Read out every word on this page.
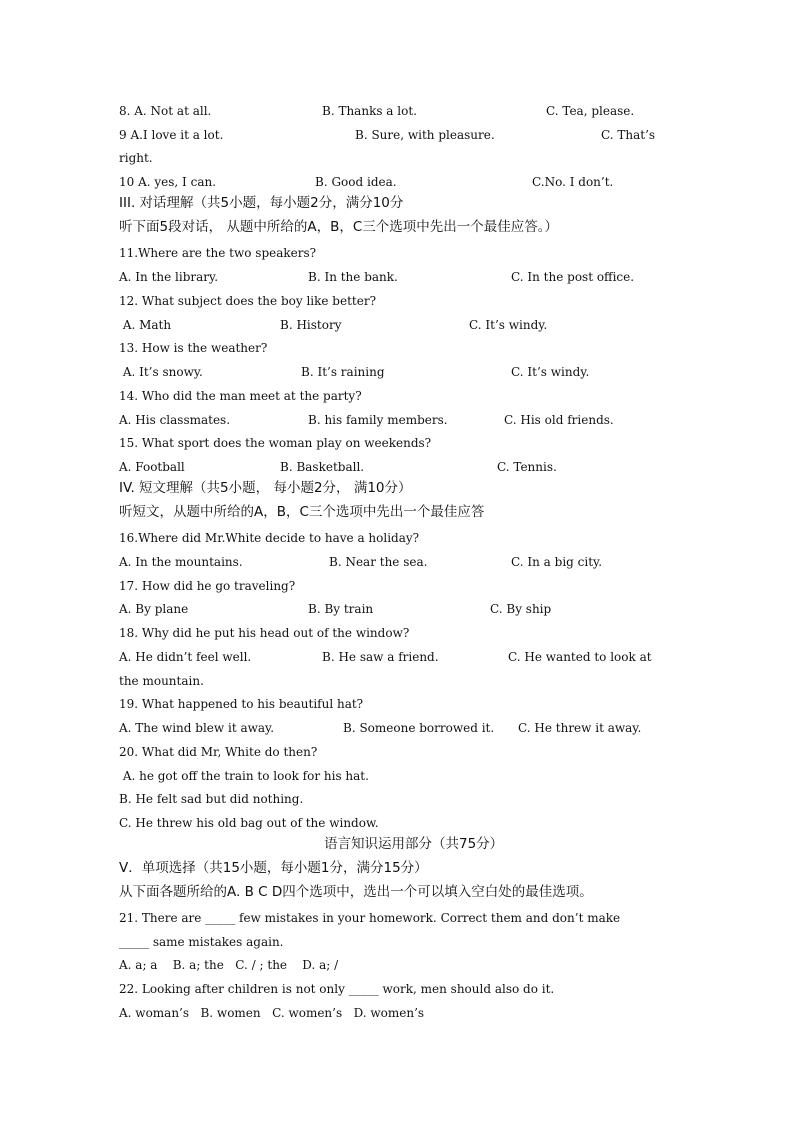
8. A. Not at all.	B. Thanks a lot.	C. Tea, please.
9 A.I love it a lot.	B. Sure, with pleasure.	C. That’s
right.
10 A. yes, I can.	B. Good idea.	C.No. I don’t.
III. 对话理解（共5小题，每小题2分，满分10分
听下面5段对话， 从题中所给的A，B，C三个选项中先出一个最佳应答。）
11.Where are the two speakers?
A. In the library.	B. In the bank.	C. In the post office.
12. What subject does the boy like better?
A. Math	B. History	C. It’s windy.
13. How is the weather?
A. It’s snowy.	B. It’s raining	C. It’s windy.
14. Who did the man meet at the party?
A. His classmates.	B. his family members.	C. His old friends.
15. What sport does the woman play on weekends?
A. Football	B. Basketball.	C. Tennis.
IV. 短文理解（共5小题， 每小题2分， 满10分）
听短文，从题中所给的A，B，C三个选项中先出一个最佳应答
16.Where did Mr.White decide to have a holiday?
A. In the mountains.	B. Near the sea.	C. In a big city.
17. How did he go traveling?
A. By plane	B. By train	C. By ship
18. Why did he put his head out of the window?
A. He didn’t feel well.	B. He saw a friend.	C. He wanted to look at
the mountain.
19. What happened to his beautiful hat?
A. The wind blew it away.	B. Someone borrowed it. C. He threw it away.
20. What did Mr, White do then?
A. he got off the train to look for his hat.
B. He felt sad but did nothing.
C. He threw his old bag out of the window.
语言知识运用部分（共75分）
V．单项选择（共15小题，每小题1分，满分15分）
从下面各题所给的A. B C D四个选项中，选出一个可以填入空白处的最佳选项。
21. There are _____ few mistakes in your homework. Correct them and don’t make
_____ same mistakes again.
A. a; a    B. a; the   C. / ; the    D. a; /
22. Looking after children is not only _____ work, men should also do it.
A. woman’s   B. women   C. women’s   D. women’s
